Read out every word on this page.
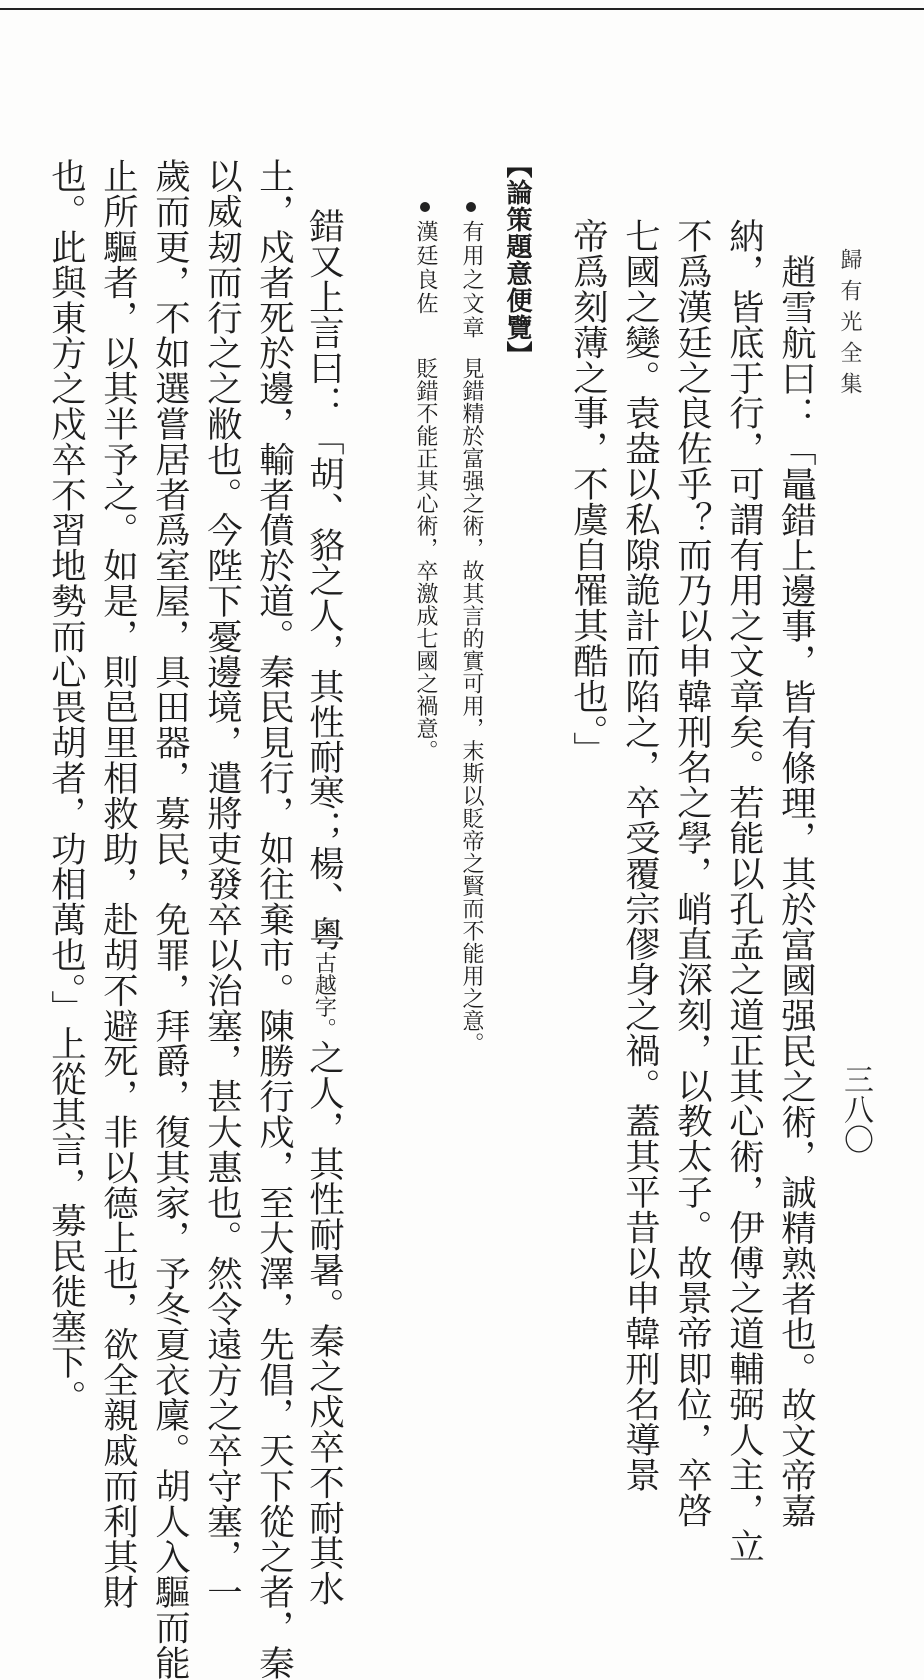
歸有光全集
三八〇
趙雪航曰：「鼂錯上邊事，皆有條理，其於富國强民之術，誠精熟者也。故文帝嘉
納，皆底于行，可謂有用之文章矣。若能以孔孟之道正其心術，伊傅之道輔弼人主，立
不爲漢廷之良佐乎？而乃以申韓刑名之學，峭直深刻，以教太子。故景帝即位，卒啓
七國之變。袁盎以私隙詭計而陷之，卒受覆宗僇身之禍。蓋其平昔以申韓刑名導景
帝爲刻薄之事，不虞自罹其酷也。」
【論策題意便覽】
有用之文章見錯精於富强之術，故其言的實可用，末斯以貶帝之賢而不能用之意。
漢廷良佐貶錯不能正其心術，卒激成七國之禍意。
錯又上言曰：「胡、貉之人，其性耐寒；楊、粵古越字。之人，其性耐暑。秦之戍卒不耐其水
土，戍者死於邊，輸者僨於道。秦民見行，如往棄市。陳勝行戍，至大澤，先倡，天下從之者，秦
以威刼而行之之敝也。今陛下憂邊境，遣將吏發卒以治塞，甚大惠也。然令遠方之卒守塞，一
歲而更，不如選嘗居者爲室屋，具田器，募民，免罪，拜爵，復其家，予冬夏衣廩。胡人入驅而能
止所驅者，以其半予之。如是，則邑里相救助，赴胡不避死，非以德上也，欲全親戚而利其財
也。此與東方之戍卒不習地勢而心畏胡者，功相萬也。」上從其言，募民徙塞下。
